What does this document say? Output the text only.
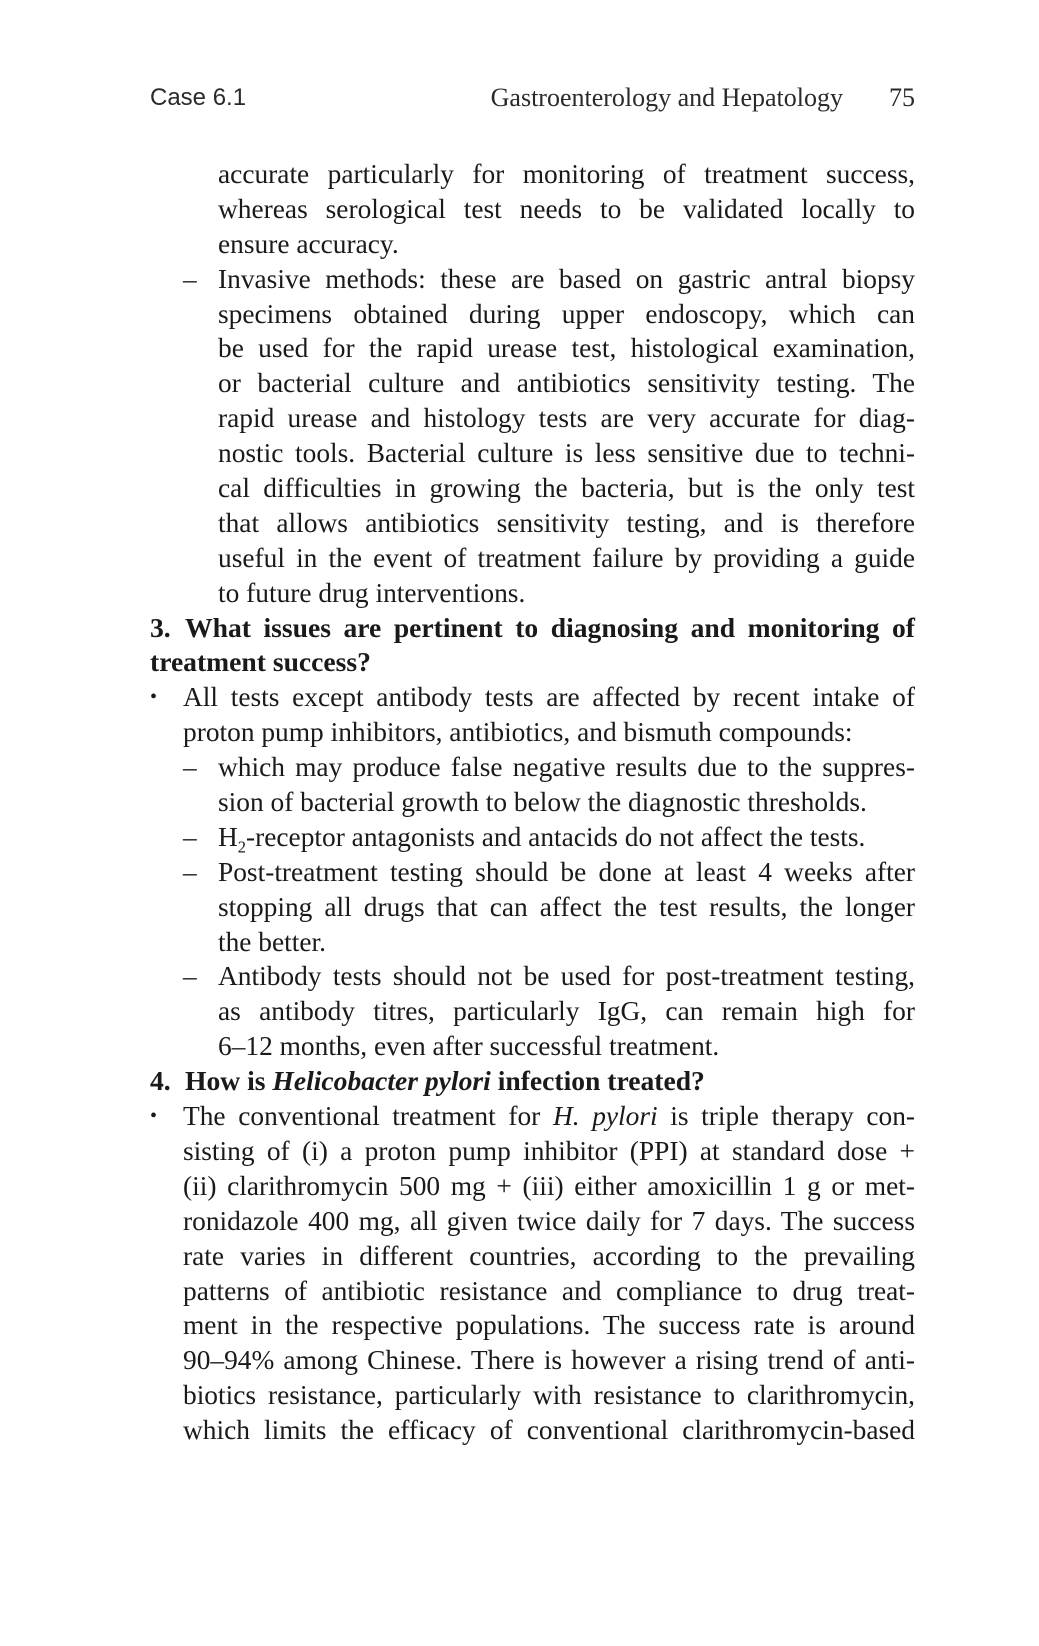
Case 6.1	Gastroenterology and Hepatology 75
accurate particularly for monitoring of treatment success,
whereas serological test needs to be validated locally to
ensure accuracy.
– Invasive methods: these are based on gastric antral biopsy
specimens obtained during upper endoscopy, which can
be used for the rapid urease test, histological examination,
or bacterial culture and antibiotics sensitivity testing. The
rapid urease and histology tests are very accurate for diag-
nostic tools. Bacterial culture is less sensitive due to techni-
cal difficulties in growing the bacteria, but is the only test
that allows antibiotics sensitivity testing, and is therefore
useful in the event of treatment failure by providing a guide
to future drug interventions.
3. What issues are pertinent to diagnosing and monitoring of
treatment success?
• All tests except antibody tests are affected by recent intake of
proton pump inhibitors, antibiotics, and bismuth compounds:
– which may produce false negative results due to the suppres-
sion of bacterial growth to below the diagnostic thresholds.
– $H_2$-receptor antagonists and antacids do not affect the tests.
– Post-treatment testing should be done at least 4 weeks after
stopping all drugs that can affect the test results, the longer
the better.
– Antibody tests should not be used for post-treatment testing,
as antibody titres, particularly IgG, can remain high for
6–12 months, even after successful treatment.
4. How is Helicobacter pylori infection treated?
• The conventional treatment for H. pylori is triple therapy con-
sisting of (i) a proton pump inhibitor (PPI) at standard dose +
(ii) clarithromycin 500 mg + (iii) either amoxicillin 1 g or met-
ronidazole 400 mg, all given twice daily for 7 days. The success
rate varies in different countries, according to the prevailing
patterns of antibiotic resistance and compliance to drug treat-
ment in the respective populations. The success rate is around
90–94% among Chinese. There is however a rising trend of anti-
biotics resistance, particularly with resistance to clarithromycin,
which limits the efficacy of conventional clarithromycin-based
